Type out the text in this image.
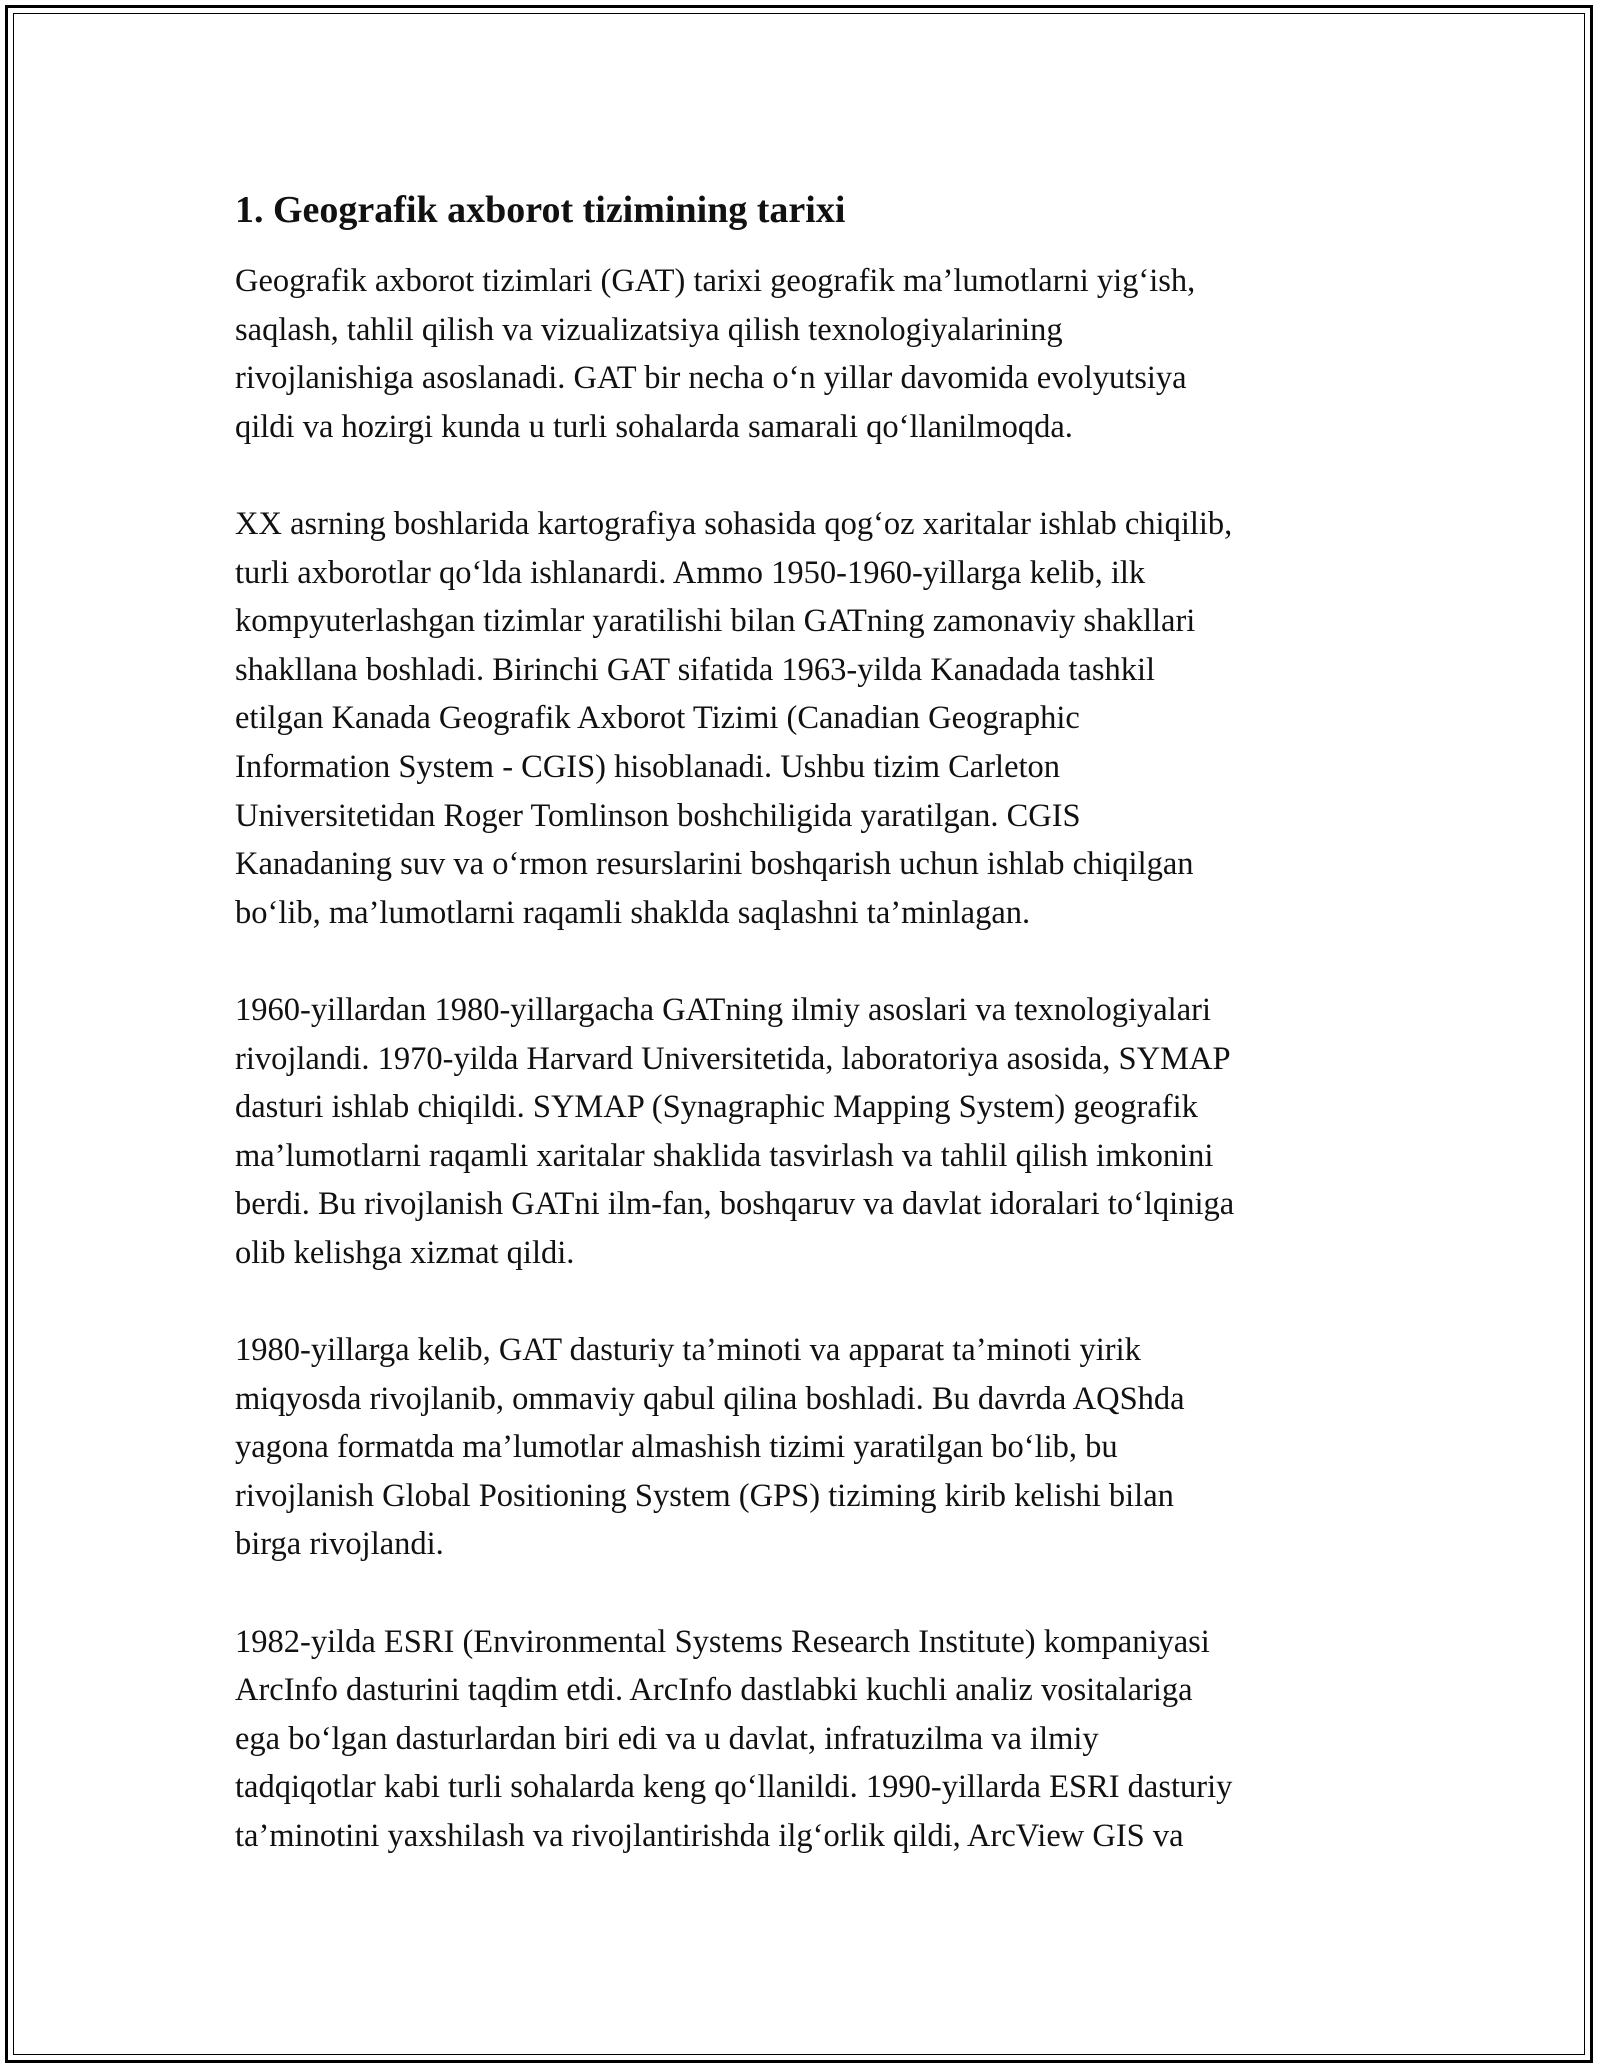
1. Geografik axborot tizimining tarixi

Geografik axborot tizimlari (GAT) tarixi geografik ma’lumotlarni yig‘ish,
saqlash, tahlil qilish va vizualizatsiya qilish texnologiyalarining
rivojlanishiga asoslanadi. GAT bir necha o‘n yillar davomida evolyutsiya
qildi va hozirgi kunda u turli sohalarda samarali qo‘llanilmoqda.

XX asrning boshlarida kartografiya sohasida qog‘oz xaritalar ishlab chiqilib,
turli axborotlar qo‘lda ishlanardi. Ammo 1950-1960-yillarga kelib, ilk
kompyuterlashgan tizimlar yaratilishi bilan GATning zamonaviy shakllari
shakllana boshladi. Birinchi GAT sifatida 1963-yilda Kanadada tashkil
etilgan Kanada Geografik Axborot Tizimi (Canadian Geographic
Information System - CGIS) hisoblanadi. Ushbu tizim Carleton
Universitetidan Roger Tomlinson boshchiligida yaratilgan. CGIS
Kanadaning suv va o‘rmon resurslarini boshqarish uchun ishlab chiqilgan
bo‘lib, ma’lumotlarni raqamli shaklda saqlashni ta’minlagan.

1960-yillardan 1980-yillargacha GATning ilmiy asoslari va texnologiyalari
rivojlandi. 1970-yilda Harvard Universitetida, laboratoriya asosida, SYMAP
dasturi ishlab chiqildi. SYMAP (Synagraphic Mapping System) geografik
ma’lumotlarni raqamli xaritalar shaklida tasvirlash va tahlil qilish imkonini
berdi. Bu rivojlanish GATni ilm-fan, boshqaruv va davlat idoralari to‘lqiniga
olib kelishga xizmat qildi.

1980-yillarga kelib, GAT dasturiy ta’minoti va apparat ta’minoti yirik
miqyosda rivojlanib, ommaviy qabul qilina boshladi. Bu davrda AQShda
yagona formatda ma’lumotlar almashish tizimi yaratilgan bo‘lib, bu
rivojlanish Global Positioning System (GPS) tiziming kirib kelishi bilan
birga rivojlandi.

1982-yilda ESRI (Environmental Systems Research Institute) kompaniyasi
ArcInfo dasturini taqdim etdi. ArcInfo dastlabki kuchli analiz vositalariga
ega bo‘lgan dasturlardan biri edi va u davlat, infratuzilma va ilmiy
tadqiqotlar kabi turli sohalarda keng qo‘llanildi. 1990-yillarda ESRI dasturiy
ta’minotini yaxshilash va rivojlantirishda ilg‘orlik qildi, ArcView GIS va
